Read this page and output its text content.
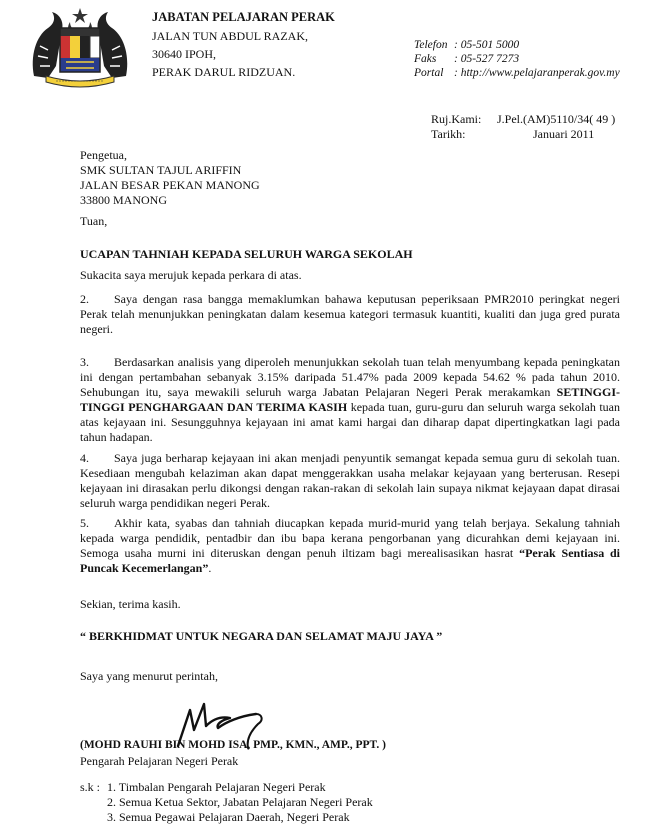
JABATAN PELAJARAN PERAK
JALAN TUN ABDUL RAZAK,
30640 IPOH,
PERAK DARUL RIDZUAN.
Telefon : 05-501 5000
Faks : 05-527 7273
Portal : http://www.pelajaranperak.gov.my
Ruj.Kami: J.Pel.(AM)5110/34( 49 )
Tarikh:	Januari 2011
Pengetua,
SMK SULTAN TAJUL ARIFFIN
JALAN BESAR PEKAN MANONG
33800 MANONG
Tuan,
UCAPAN TAHNIAH KEPADA SELURUH WARGA SEKOLAH
Sukacita saya merujuk kepada perkara di atas.
2. Saya dengan rasa bangga memaklumkan bahawa keputusan peperiksaan PMR2010 peringkat negeri Perak telah menunjukkan peningkatan dalam kesemua kategori termasuk kuantiti, kualiti dan juga gred purata negeri.
3. Berdasarkan analisis yang diperoleh menunjukkan sekolah tuan telah menyumbang kepada peningkatan ini dengan pertambahan sebanyak 3.15% daripada 51.47% pada 2009 kepada 54.62 % pada tahun 2010. Sehubungan itu, saya mewakili seluruh warga Jabatan Pelajaran Negeri Perak merakamkan SETINGGI-TINGGI PENGHARGAAN DAN TERIMA KASIH kepada tuan, guru-guru dan seluruh warga sekolah tuan atas kejayaan ini. Sesungguhnya kejayaan ini amat kami hargai dan diharap dapat dipertingkatkan lagi pada tahun hadapan.
4. Saya juga berharap kejayaan ini akan menjadi penyuntik semangat kepada semua guru di sekolah tuan. Kesediaan mengubah kelaziman akan dapat menggerakkan usaha melakar kejayaan yang berterusan. Resepi kejayaan ini dirasakan perlu dikongsi dengan rakan-rakan di sekolah lain supaya nikmat kejayaan dapat dirasai seluruh warga pendidikan negeri Perak.
5. Akhir kata, syabas dan tahniah diucapkan kepada murid-murid yang telah berjaya. Sekalung tahniah kepada warga pendidik, pentadbir dan ibu bapa kerana pengorbanan yang dicurahkan demi kejayaan ini. Semoga usaha murni ini diteruskan dengan penuh iltizam bagi merealisasikan hasrat “Perak Sentiasa di Puncak Kecemerlangan”.
Sekian, terima kasih.
“ BERKHIDMAT UNTUK NEGARA DAN SELAMAT MAJU JAYA ”
Saya yang menurut perintah,
(MOHD RAUHI BIN MOHD ISA, PMP., KMN., AMP., PPT. )
Pengarah Pelajaran Negeri Perak
s.k : 1. Timbalan Pengarah Pelajaran Negeri Perak
2. Semua Ketua Sektor, Jabatan Pelajaran Negeri Perak
3. Semua Pegawai Pelajaran Daerah, Negeri Perak
